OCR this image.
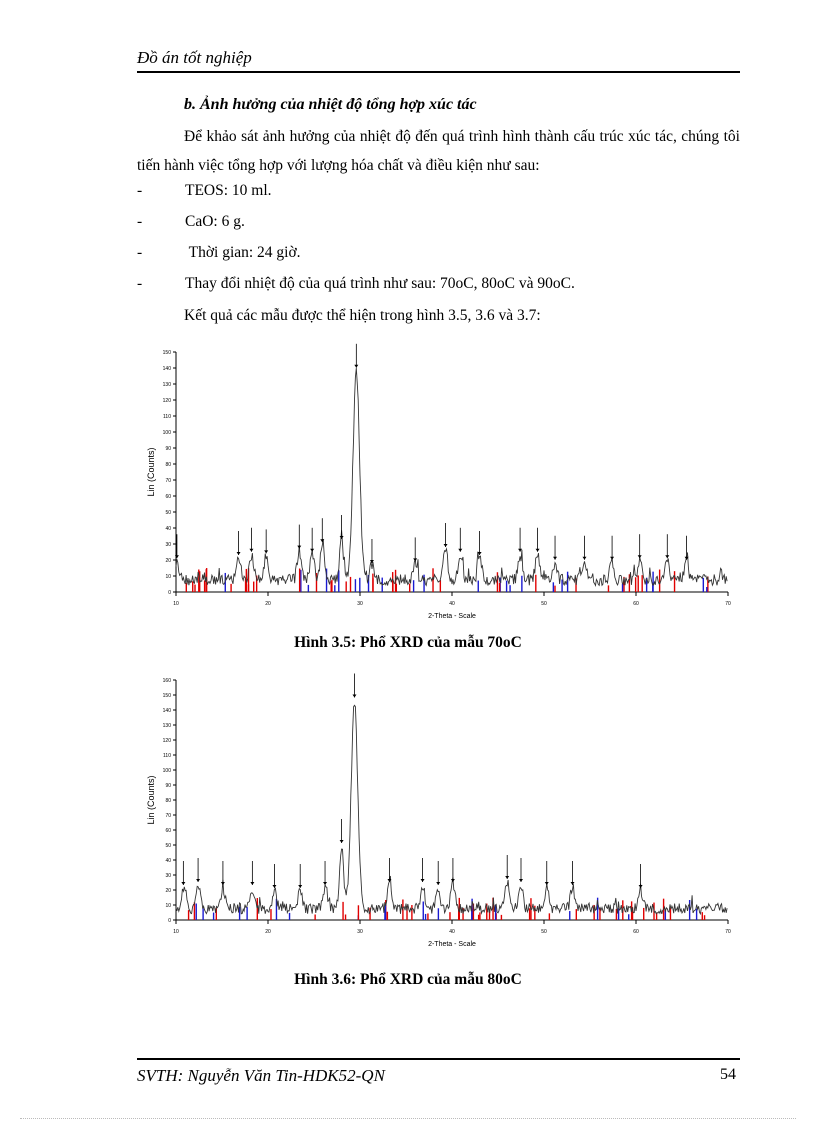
Đồ án tốt nghiệp
b. Ảnh hưởng của nhiệt độ tổng hợp xúc tác
Để khảo sát ảnh hưởng của nhiệt độ đến quá trình hình thành cấu trúc xúc tác, chúng tôi tiến hành việc tổng hợp với lượng hóa chất và điều kiện như sau:
-	TEOS: 10 ml.
-	CaO: 6 g.
-	Thời gian: 24 giờ.
-	Thay đổi nhiệt độ của quá trình như sau: 70oC, 80oC và 90oC.
Kết quả các mẫu được thể hiện trong hình 3.5, 3.6 và 3.7:
10	20	30	40	50	60	70
0
10
20
30
40
50
60
70
80
90
100
110
120
130
140
150
Lin (Counts)
2-Theta - Scale
Hình 3.5: Phổ XRD của mẫu 70oC
10	20	30	40	50	60	70
0
10
20
30
40
50
60
70
80
90
100
110
120
130
140
150
160
Lin (Counts)
2-Theta - Scale
Hình 3.6: Phổ XRD của mẫu 80oC
SVTH: Nguyễn Văn Tin-HDK52-QN	54
